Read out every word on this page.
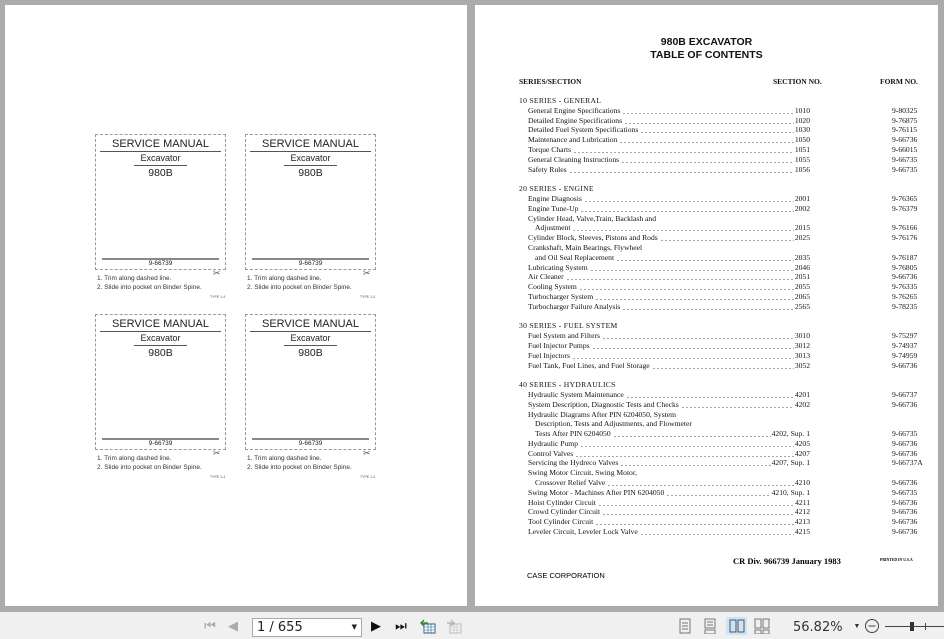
SERVICE MANUAL
Excavator
980B
9-66739
1. Trim along dashed line.
2. Slide into pocket on Binder Spine.
✂
TYPE 1-4
SERVICE MANUAL
Excavator
980B
9-66739
1. Trim along dashed line.
2. Slide into pocket on Binder Spine.
✂
TYPE 1-4
SERVICE MANUAL
Excavator
980B
9-66739
1. Trim along dashed line.
2. Slide into pocket on Binder Spine.
✂
TYPE 1-4
SERVICE MANUAL
Excavator
980B
9-66739
1. Trim along dashed line.
2. Slide into pocket on Binder Spine.
✂
TYPE 1-4
980B EXCAVATOR
TABLE OF CONTENTS
SERIES/SECTION	SECTION NO.	FORM NO.
10 SERIES - GENERAL
General Engine Specifications	1010	9-80325
Detailed Engine Specifications	1020	9-76875
Detailed Fuel System Specifications	1030	9-76115
Maintenance and Lubrication	1050	9-66736
Torque Charts	1051	9-66015
General Cleaning Instructions	1055	9-66735
Safety Rules	1056	9-66735
20 SERIES - ENGINE
Engine Diagnosis	2001	9-76365
Engine Tune-Up	2002	9-76379
Cylinder Head, Valve,Train, Backlash and
Adjustment	2015	9-76166
Cylinder Block, Sleeves, Pistons and Rods	2025	9-76176
Crankshaft, Main Bearings, Flywheel
and Oil Seal Replacement	2035	9-76187
Lubricating System	2046	9-76805
Air Cleaner	2051	9-66736
Cooling System	2055	9-76335
Turbocharger System	2065	9-76265
Turbocharger Failure Analysis	2565	9-78235
30 SERIES - FUEL SYSTEM
Fuel System and Filters	3010	9-75297
Fuel Injector Pumps	3012	9-74937
Fuel Injectors	3013	9-74959
Fuel Tank, Fuel Lines, and Fuel Storage	3052	9-66736
40 SERIES - HYDRAULICS
Hydraulic System Maintenance	4201	9-66737
System Description, Diagnostic Tests and Checks	4202	9-66736
Hydraulic Diagrams After PIN 6204050, System
Description, Tests and Adjustments, and Flowmeter
Tests After PIN 6204050	4202, Sup. 1	9-66735
Hydraulic Pump	4205	9-66736
Control Valves	4207	9-66736
Servicing the Hydreco Valves	4207, Sup. 1	9-66737A
Swing Motor Circuit, Swing Motor,
Crossover Relief Valve	4210	9-66736
Swing Motor - Machines After PIN 6204050	4210, Sup. 1	9-66735
Hoist Cylinder Circuit	4211	9-66736
Crowd Cylinder Circuit	4212	9-66736
Tool Cylinder Circuit	4213	9-66736
Leveler Circuit, Leveler Lock Valve	4215	9-66736
CR Div. 966739 January 1983	PRINTED IN U.S.A
CASE CORPORATION
⏮ ◀	1 / 655	▼ ▶ ⏭	56.82% ▼
